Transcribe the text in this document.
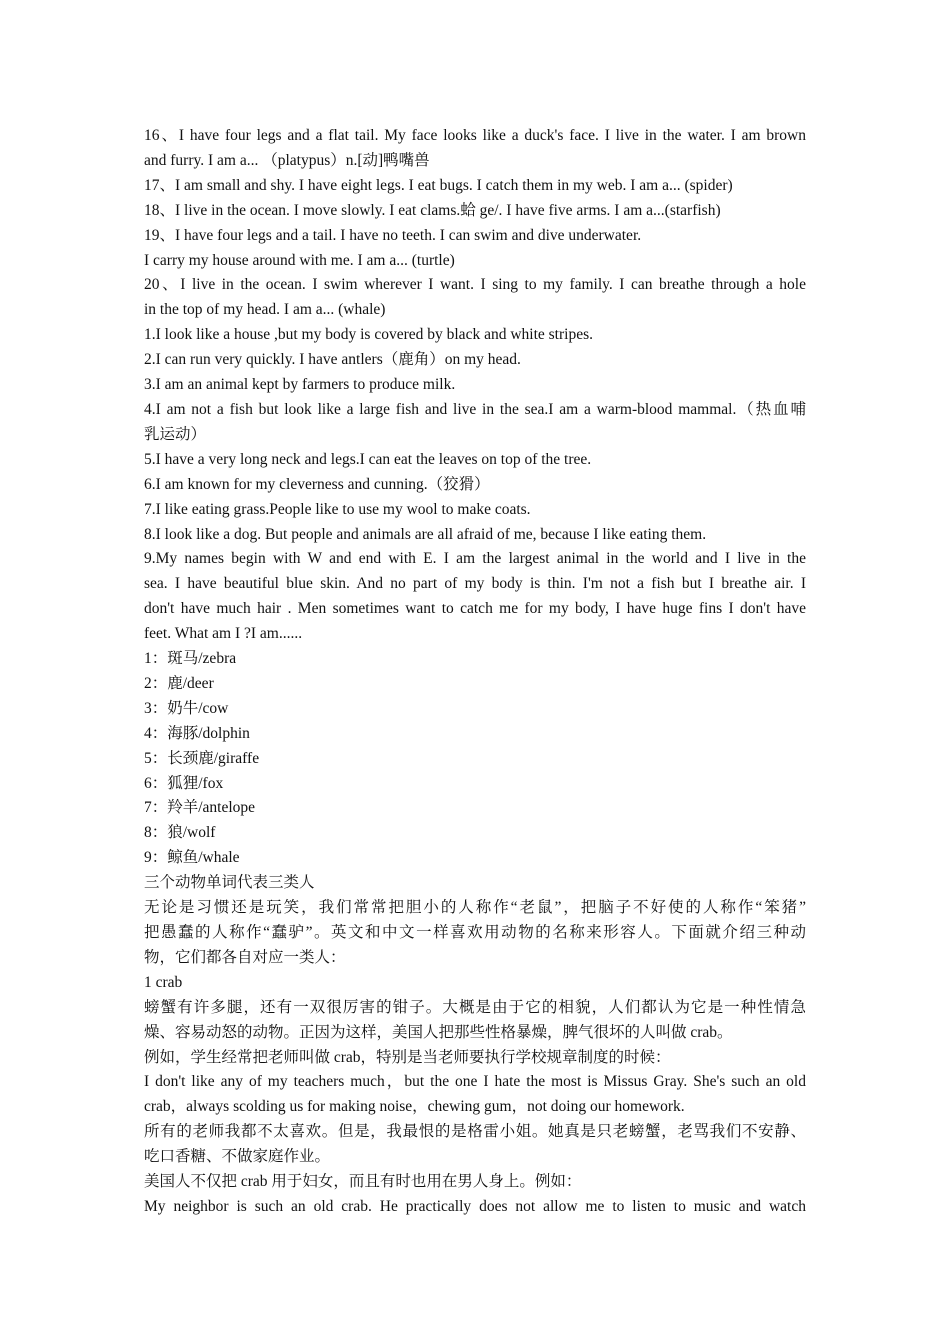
16、I have four legs and a flat tail. My face looks like a duck's face. I live in the water. I am brown

and furry. I am a... （platypus）n.[动]鸭嘴兽

17、I am small and shy. I have eight legs. I eat bugs. I catch them in my web. I am a... (spider)

18、I live in the ocean. I move slowly. I eat clams.蛤 ge/. I have five arms. I am a...(starfish)

19、I have four legs and a tail. I have no teeth. I can swim and dive underwater.

I carry my house around with me. I am a... (turtle)

20、I live in the ocean. I swim wherever I want. I sing to my family. I can breathe through a hole

in the top of my head. I am a... (whale)

1.I look like a house ,but my body is covered by black and white stripes.

2.I can run very quickly. I have antlers（鹿角）on my head.

3.I am an animal kept by farmers to produce milk.

4.I am not a fish but look like a large fish and live in the sea.I am a warm-blood mammal.（热血哺

乳运动）

5.I have a very long neck and legs.I can eat the leaves on top of the tree.

6.I am known for my cleverness and cunning.（狡猾）

7.I like eating grass.People like to use my wool to make coats.

8.I look like a dog. But people and animals are all afraid of me, because I like eating them.

9.My names begin with W and end with E. I am the largest animal in the world and I live in the

sea. I have beautiful blue skin. And no part of my body is thin. I'm not a fish but I breathe air. I

don't have much hair . Men sometimes want to catch me for my body, I have huge fins I don't have

feet. What am I ?I am......

1：斑马/zebra

2：鹿/deer

3：奶牛/cow

4：海豚/dolphin

5：长颈鹿/giraffe

6：狐狸/fox

7：羚羊/antelope

8：狼/wolf

9：鲸鱼/whale

三个动物单词代表三类人

无论是习惯还是玩笑，我们常常把胆小的人称作“老鼠”，把脑子不好使的人称作“笨猪”

把愚蠢的人称作“蠢驴”。英文和中文一样喜欢用动物的名称来形容人。下面就介绍三种动

物，它们都各自对应一类人：

1 crab

螃蟹有许多腿，还有一双很厉害的钳子。大概是由于它的相貌，人们都认为它是一种性情急

燥、容易动怒的动物。正因为这样，美国人把那些性格暴燥，脾气很坏的人叫做 crab。

例如，学生经常把老师叫做 crab，特别是当老师要执行学校规章制度的时候：

I don't like any of my teachers much，but the one I hate the most is Missus Gray. She's such an old

crab，always scolding us for making noise，chewing gum，not doing our homework.

所有的老师我都不太喜欢。但是，我最恨的是格雷小姐。她真是只老螃蟹，老骂我们不安静、

吃口香糖、不做家庭作业。

美国人不仅把 crab 用于妇女，而且有时也用在男人身上。例如：

My neighbor is such an old crab. He practically does not allow me to listen to music and watch
